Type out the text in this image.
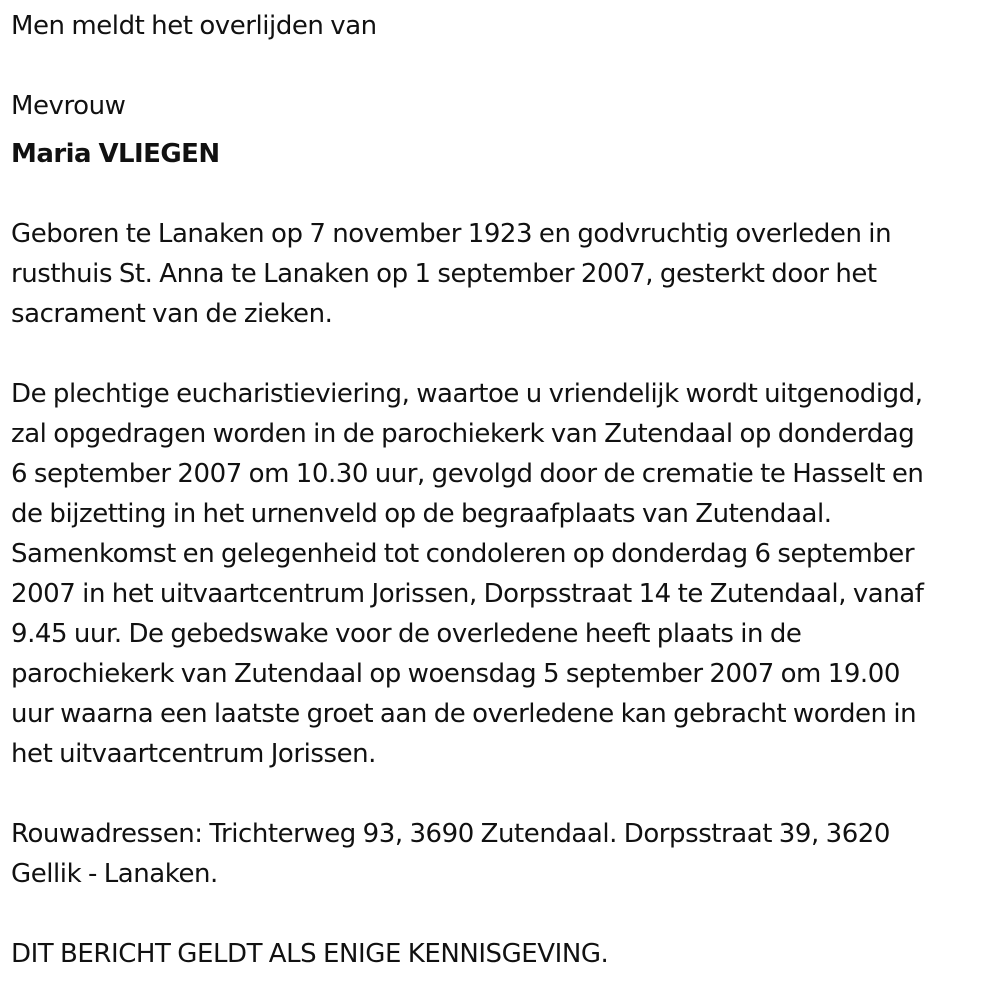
Men meldt het overlijden van
Mevrouw
Maria VLIEGEN
Geboren te Lanaken op 7 november 1923 en godvruchtig overleden in
rusthuis St. Anna te Lanaken op 1 september 2007, gesterkt door het
sacrament van de zieken.
De plechtige eucharistieviering, waartoe u vriendelijk wordt uitgenodigd,
zal opgedragen worden in de parochiekerk van Zutendaal op donderdag
6 september 2007 om 10.30 uur, gevolgd door de crematie te Hasselt en
de bijzetting in het urnenveld op de begraafplaats van Zutendaal.
Samenkomst en gelegenheid tot condoleren op donderdag 6 september
2007 in het uitvaartcentrum Jorissen, Dorpsstraat 14 te Zutendaal, vanaf
9.45 uur. De gebedswake voor de overledene heeft plaats in de
parochiekerk van Zutendaal op woensdag 5 september 2007 om 19.00
uur waarna een laatste groet aan de overledene kan gebracht worden in
het uitvaartcentrum Jorissen.
Rouwadressen: Trichterweg 93, 3690 Zutendaal. Dorpsstraat 39, 3620
Gellik - Lanaken.
DIT BERICHT GELDT ALS ENIGE KENNISGEVING.
